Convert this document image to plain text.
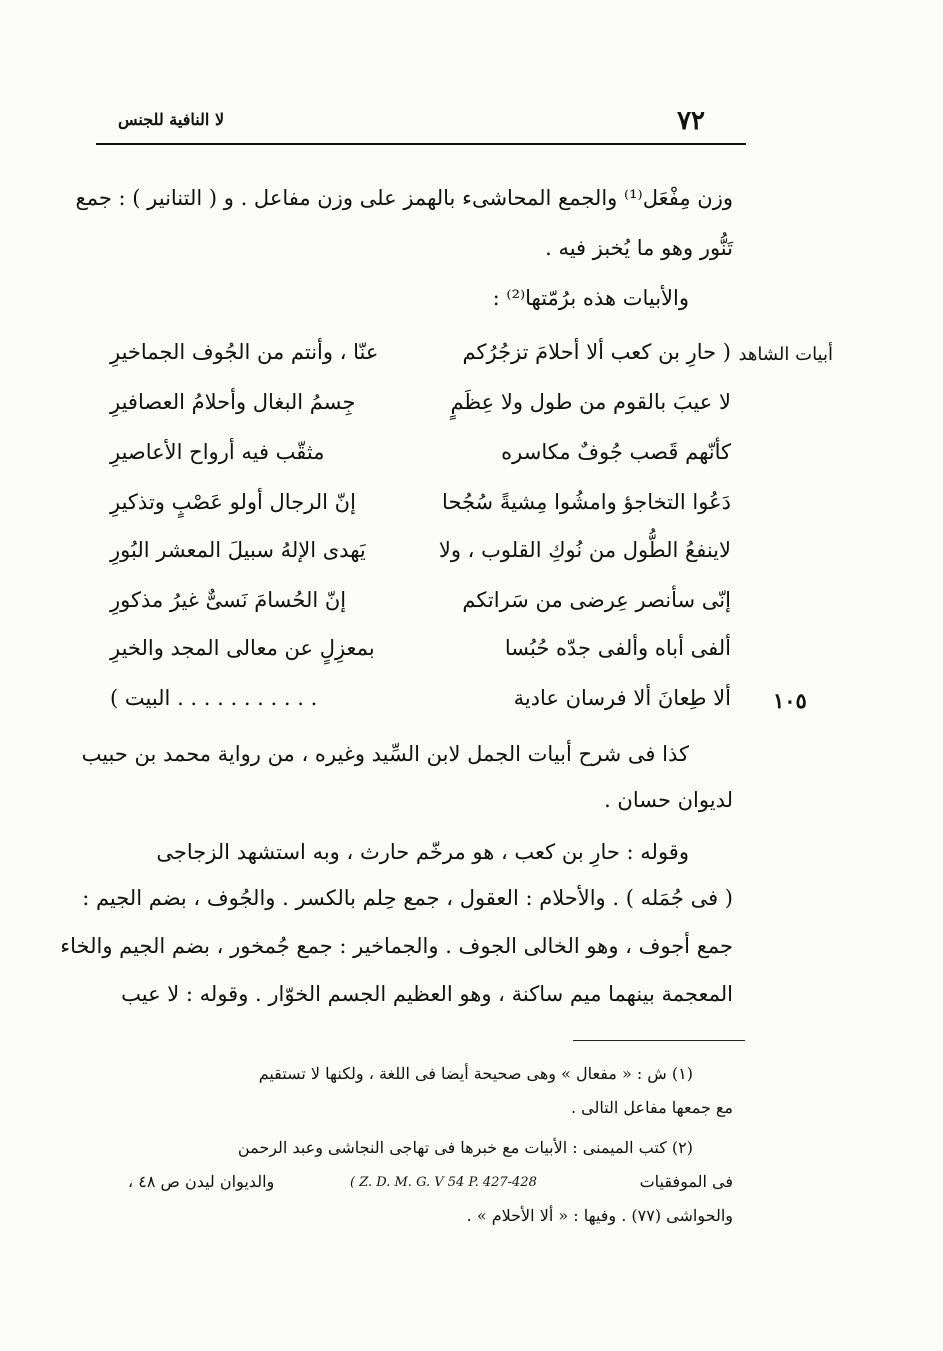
٧٢
لا النافية للجنس
وزن مِفْعَل⁽¹⁾ والجمع المحاشىء بالهمز على وزن مفاعل . و ( التنانير ) : جمع
تَنُّور وهو ما يُخبز فيه .
والأبيات هذه برُمّتها⁽²⁾ :
أبيات الشاهد
( حارِ بن كعب ألا أحلامَ تزجُرُكم
عنّا ، وأنتم من الجُوف الجماخيرِ
لا عيبَ بالقوم من طول ولا عِظَمٍ
جِسمُ البغال وأحلامُ العصافيرِ
كأنّهم قَصب جُوفٌ مكاسره
مثقّب فيه أرواح الأعاصيرِ
دَعُوا التخاجؤ وامشُوا مِشيةً سُجُحا
إنّ الرجال أولو عَصْبٍ وتذكيرِ
لاينفعُ الطُّول من نُوكِ القلوب ، ولا
يَهدى الإلهُ سبيلَ المعشر البُورِ
إنّى سأنصر عِرضى من سَراتكم
إنّ الحُسامَ نَسىٌّ غيرُ مذكورِ
ألفى أباه وألفى جدّه حُبُسا
بمعزِلٍ عن معالى المجد والخيرِ
ألا طِعانَ ألا فرسان عادية
. . . . . . . . . . . البيت )	١٠٥
كذا فى شرح أبيات الجمل لابن السِّيد وغيره ، من رواية محمد بن حبيب
لديوان حسان .
وقوله : حارِ بن كعب ، هو مرخّم حارث ، وبه استشهد الزجاجى
( فى جُمَله ) . والأحلام : العقول ، جمع حِلم بالكسر . والجُوف ، بضم الجيم :
جمع أجوف ، وهو الخالى الجوف . والجماخير : جمع جُمخور ، بضم الجيم والخاء
المعجمة بينهما ميم ساكنة ، وهو العظيم الجسم الخوّار . وقوله : لا عيب
(١) ش : « مفعال » وهى صحيحة أيضا فى اللغة ، ولكنها لا تستقيم
مع جمعها مفاعل التالى .
(٢) كتب الميمنى : الأبيات مع خبرها فى تهاجى النجاشى وعبد الرحمن
فى الموفقيات
( Z. D. M. G. V 54 P. 427-428
والديوان ليدن ص ٤٨ ،
والحواشى (٧٧) . وفيها : « ألا الأحلام » .
